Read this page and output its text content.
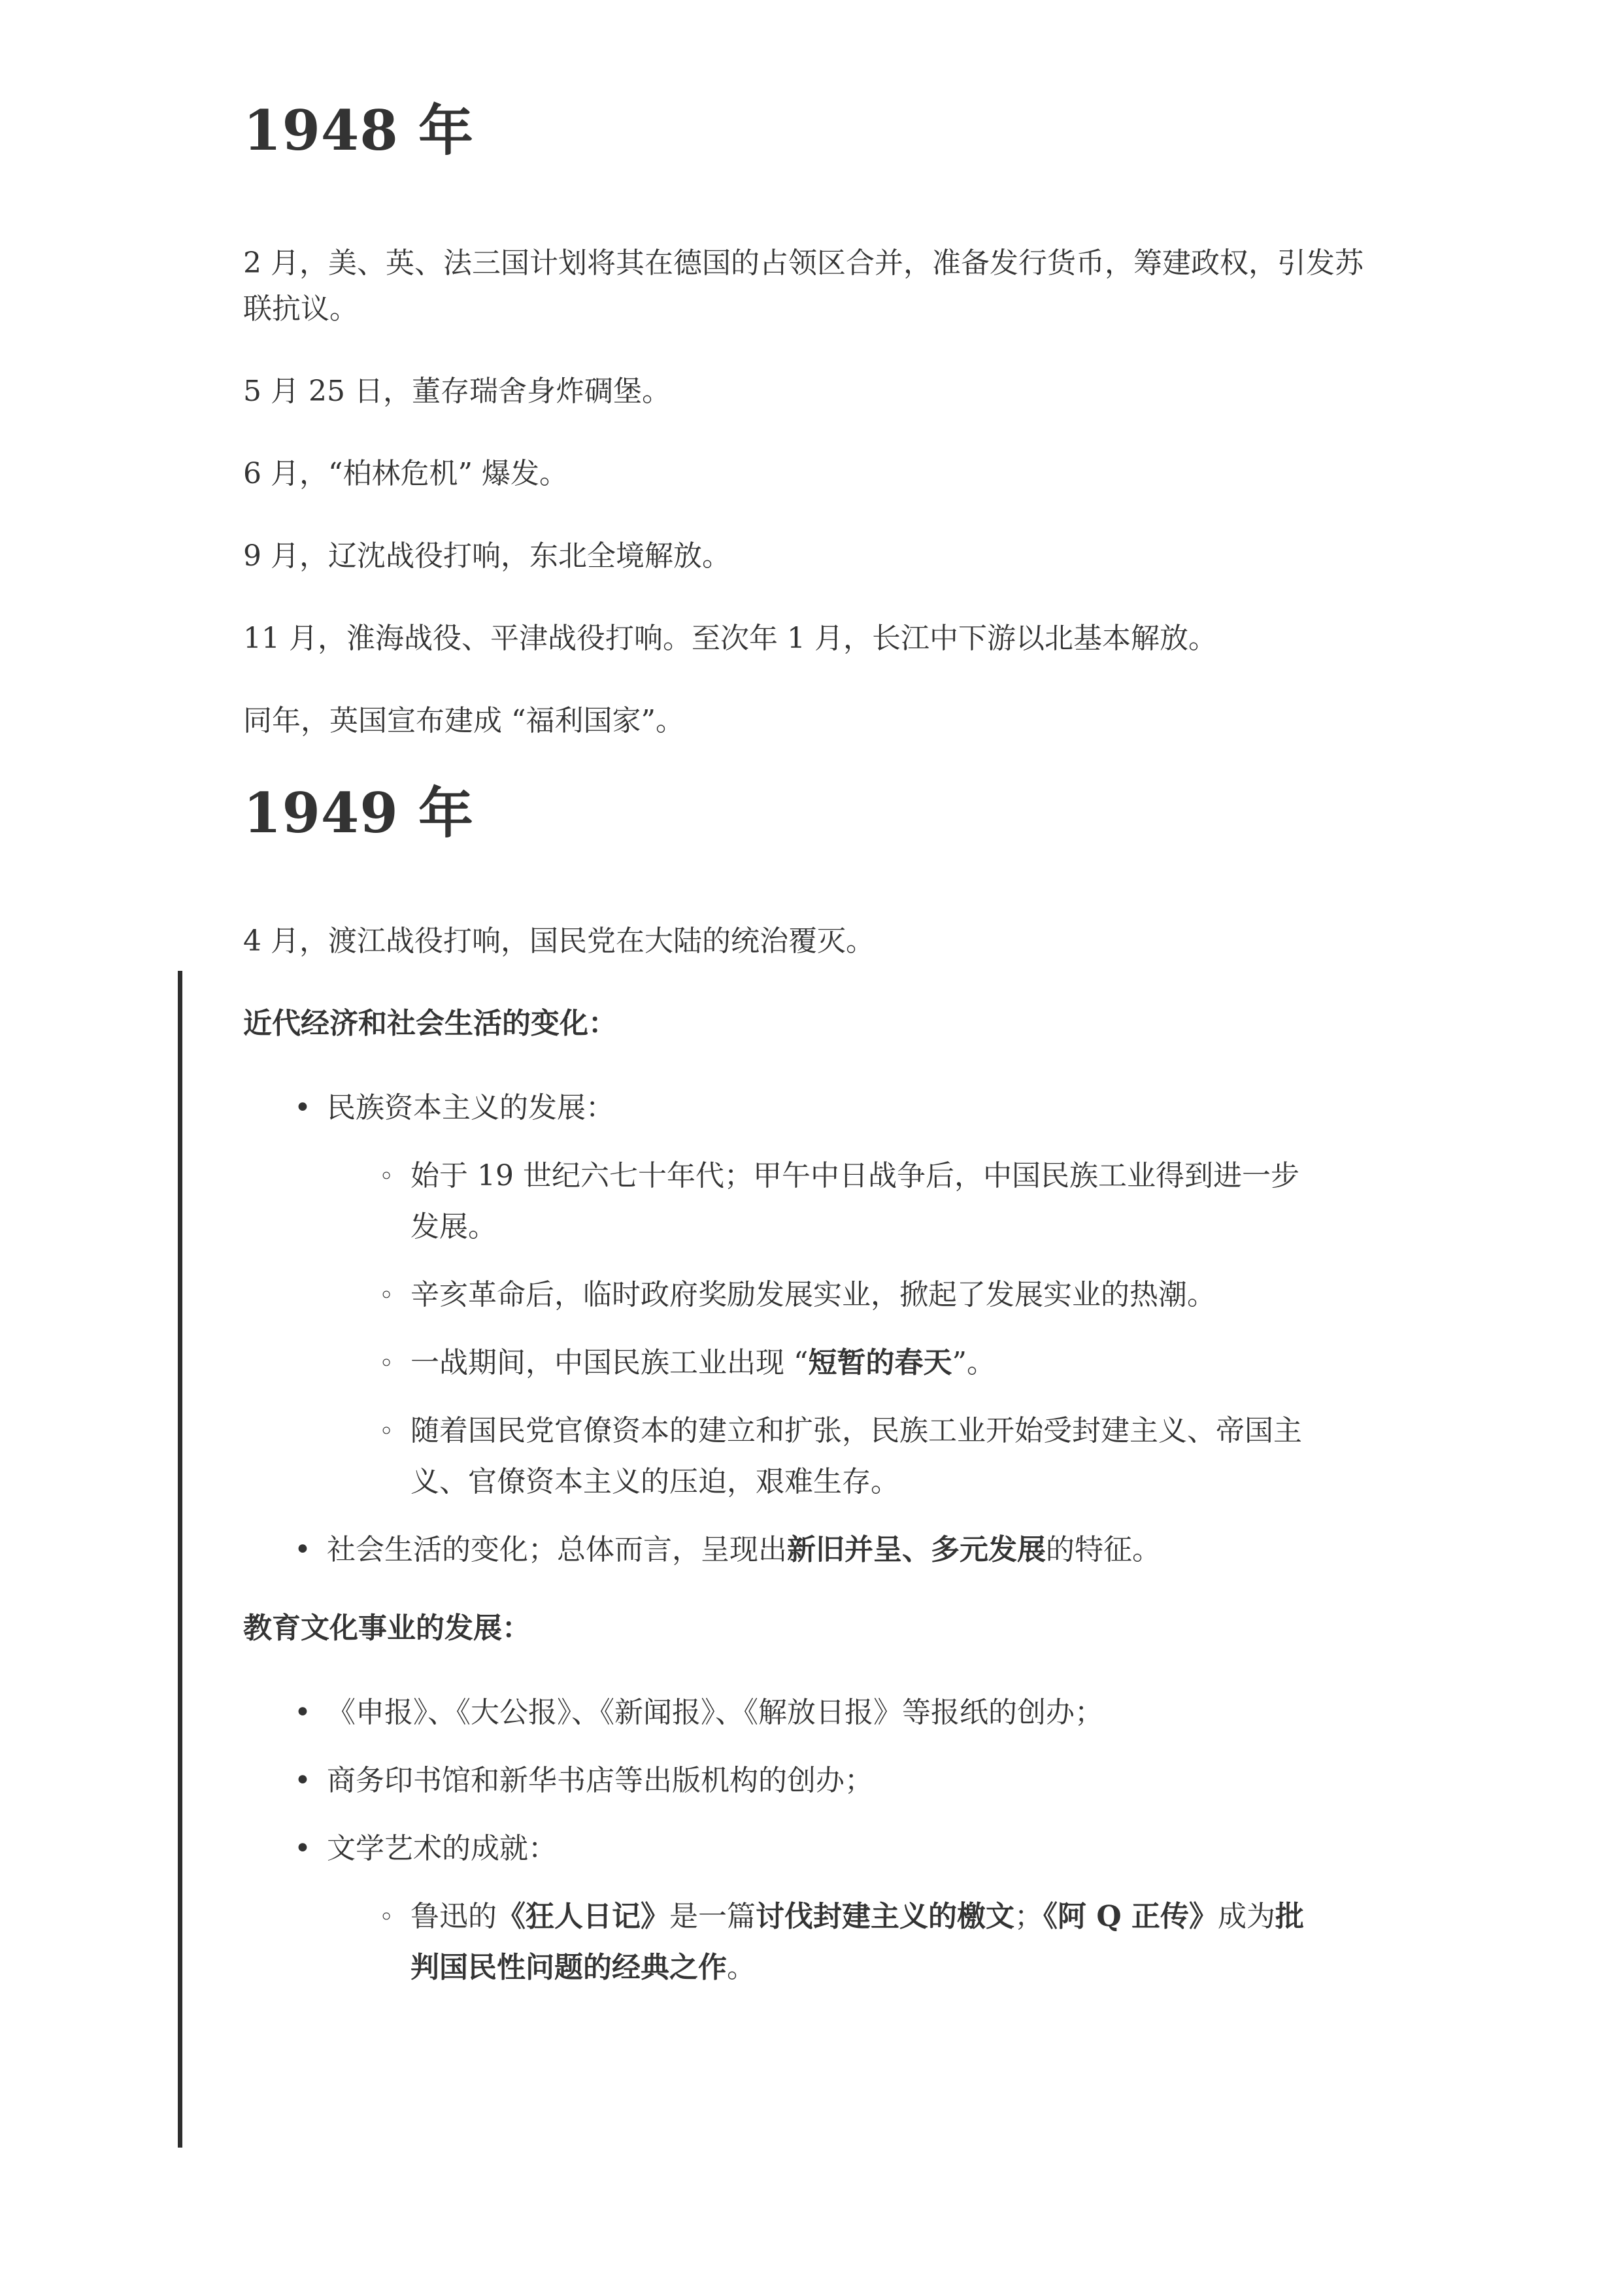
1948 年

2 月，美、英、法三国计划将其在德国的占领区合并，准备发行货币，筹建政权，引发苏联抗议。

5 月 25 日，董存瑞舍身炸碉堡。

6 月，“柏林危机” 爆发。

9 月，辽沈战役打响，东北全境解放。

11 月，淮海战役、平津战役打响。至次年 1 月，长江中下游以北基本解放。

同年，英国宣布建成 “福利国家”。

1949 年

4 月，渡江战役打响，国民党在大陆的统治覆灭。

近代经济和社会生活的变化：
• 民族资本主义的发展：
◦ 始于 19 世纪六七十年代；甲午中日战争后，中国民族工业得到进一步发展。
◦ 辛亥革命后，临时政府奖励发展实业，掀起了发展实业的热潮。
◦ 一战期间，中国民族工业出现 “短暂的春天”。
◦ 随着国民党官僚资本的建立和扩张，民族工业开始受封建主义、帝国主义、官僚资本主义的压迫，艰难生存。
• 社会生活的变化；总体而言，呈现出新旧并呈、多元发展的特征。
教育文化事业的发展：
• 《申报》、《大公报》、《新闻报》、《解放日报》等报纸的创办；
• 商务印书馆和新华书店等出版机构的创办；
• 文学艺术的成就：
◦ 鲁迅的《狂人日记》是一篇讨伐封建主义的檄文；《阿 Q 正传》成为批判国民性问题的经典之作。
